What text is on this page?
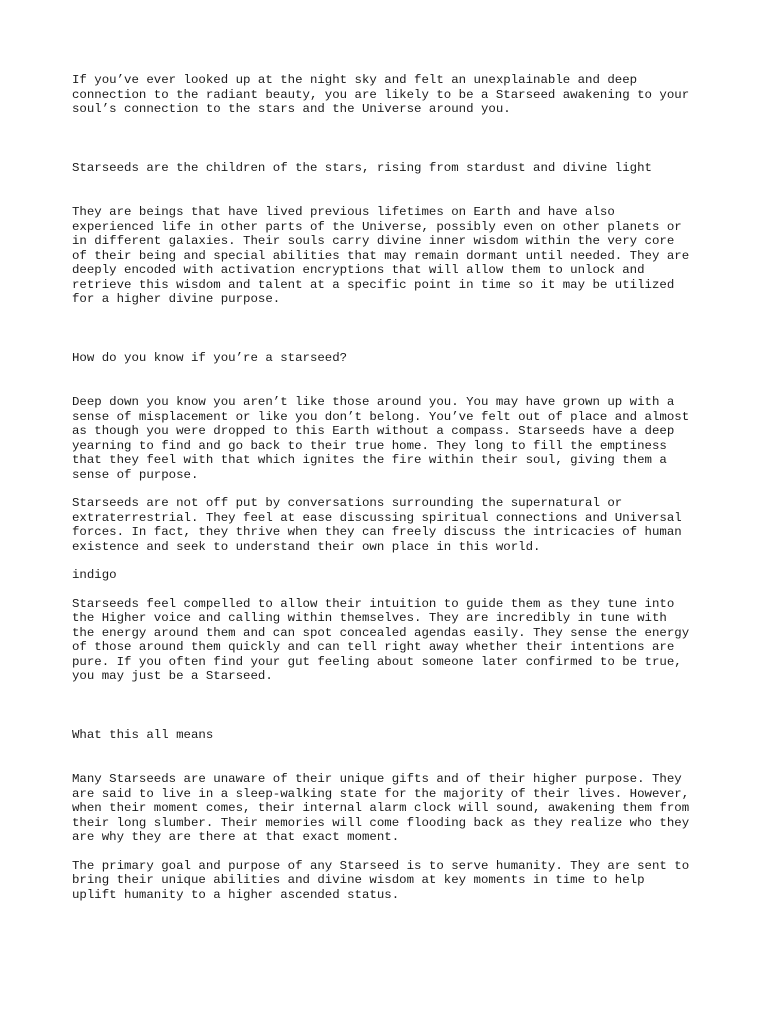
If you’ve ever looked up at the night sky and felt an unexplainable and deep
connection to the radiant beauty, you are likely to be a Starseed awakening to your
soul’s connection to the stars and the Universe around you.

Starseeds are the children of the stars, rising from stardust and divine light

They are beings that have lived previous lifetimes on Earth and have also
experienced life in other parts of the Universe, possibly even on other planets or
in different galaxies. Their souls carry divine inner wisdom within the very core
of their being and special abilities that may remain dormant until needed. They are
deeply encoded with activation encryptions that will allow them to unlock and
retrieve this wisdom and talent at a specific point in time so it may be utilized
for a higher divine purpose.

How do you know if you’re a starseed?

Deep down you know you aren’t like those around you. You may have grown up with a
sense of misplacement or like you don’t belong. You’ve felt out of place and almost
as though you were dropped to this Earth without a compass. Starseeds have a deep
yearning to find and go back to their true home. They long to fill the emptiness
that they feel with that which ignites the fire within their soul, giving them a
sense of purpose.

Starseeds are not off put by conversations surrounding the supernatural or
extraterrestrial. They feel at ease discussing spiritual connections and Universal
forces. In fact, they thrive when they can freely discuss the intricacies of human
existence and seek to understand their own place in this world.

indigo

Starseeds feel compelled to allow their intuition to guide them as they tune into
the Higher voice and calling within themselves. They are incredibly in tune with
the energy around them and can spot concealed agendas easily. They sense the energy
of those around them quickly and can tell right away whether their intentions are
pure. If you often find your gut feeling about someone later confirmed to be true,
you may just be a Starseed.

What this all means

Many Starseeds are unaware of their unique gifts and of their higher purpose. They
are said to live in a sleep-walking state for the majority of their lives. However,
when their moment comes, their internal alarm clock will sound, awakening them from
their long slumber. Their memories will come flooding back as they realize who they
are why they are there at that exact moment.

The primary goal and purpose of any Starseed is to serve humanity. They are sent to
bring their unique abilities and divine wisdom at key moments in time to help
uplift humanity to a higher ascended status.
